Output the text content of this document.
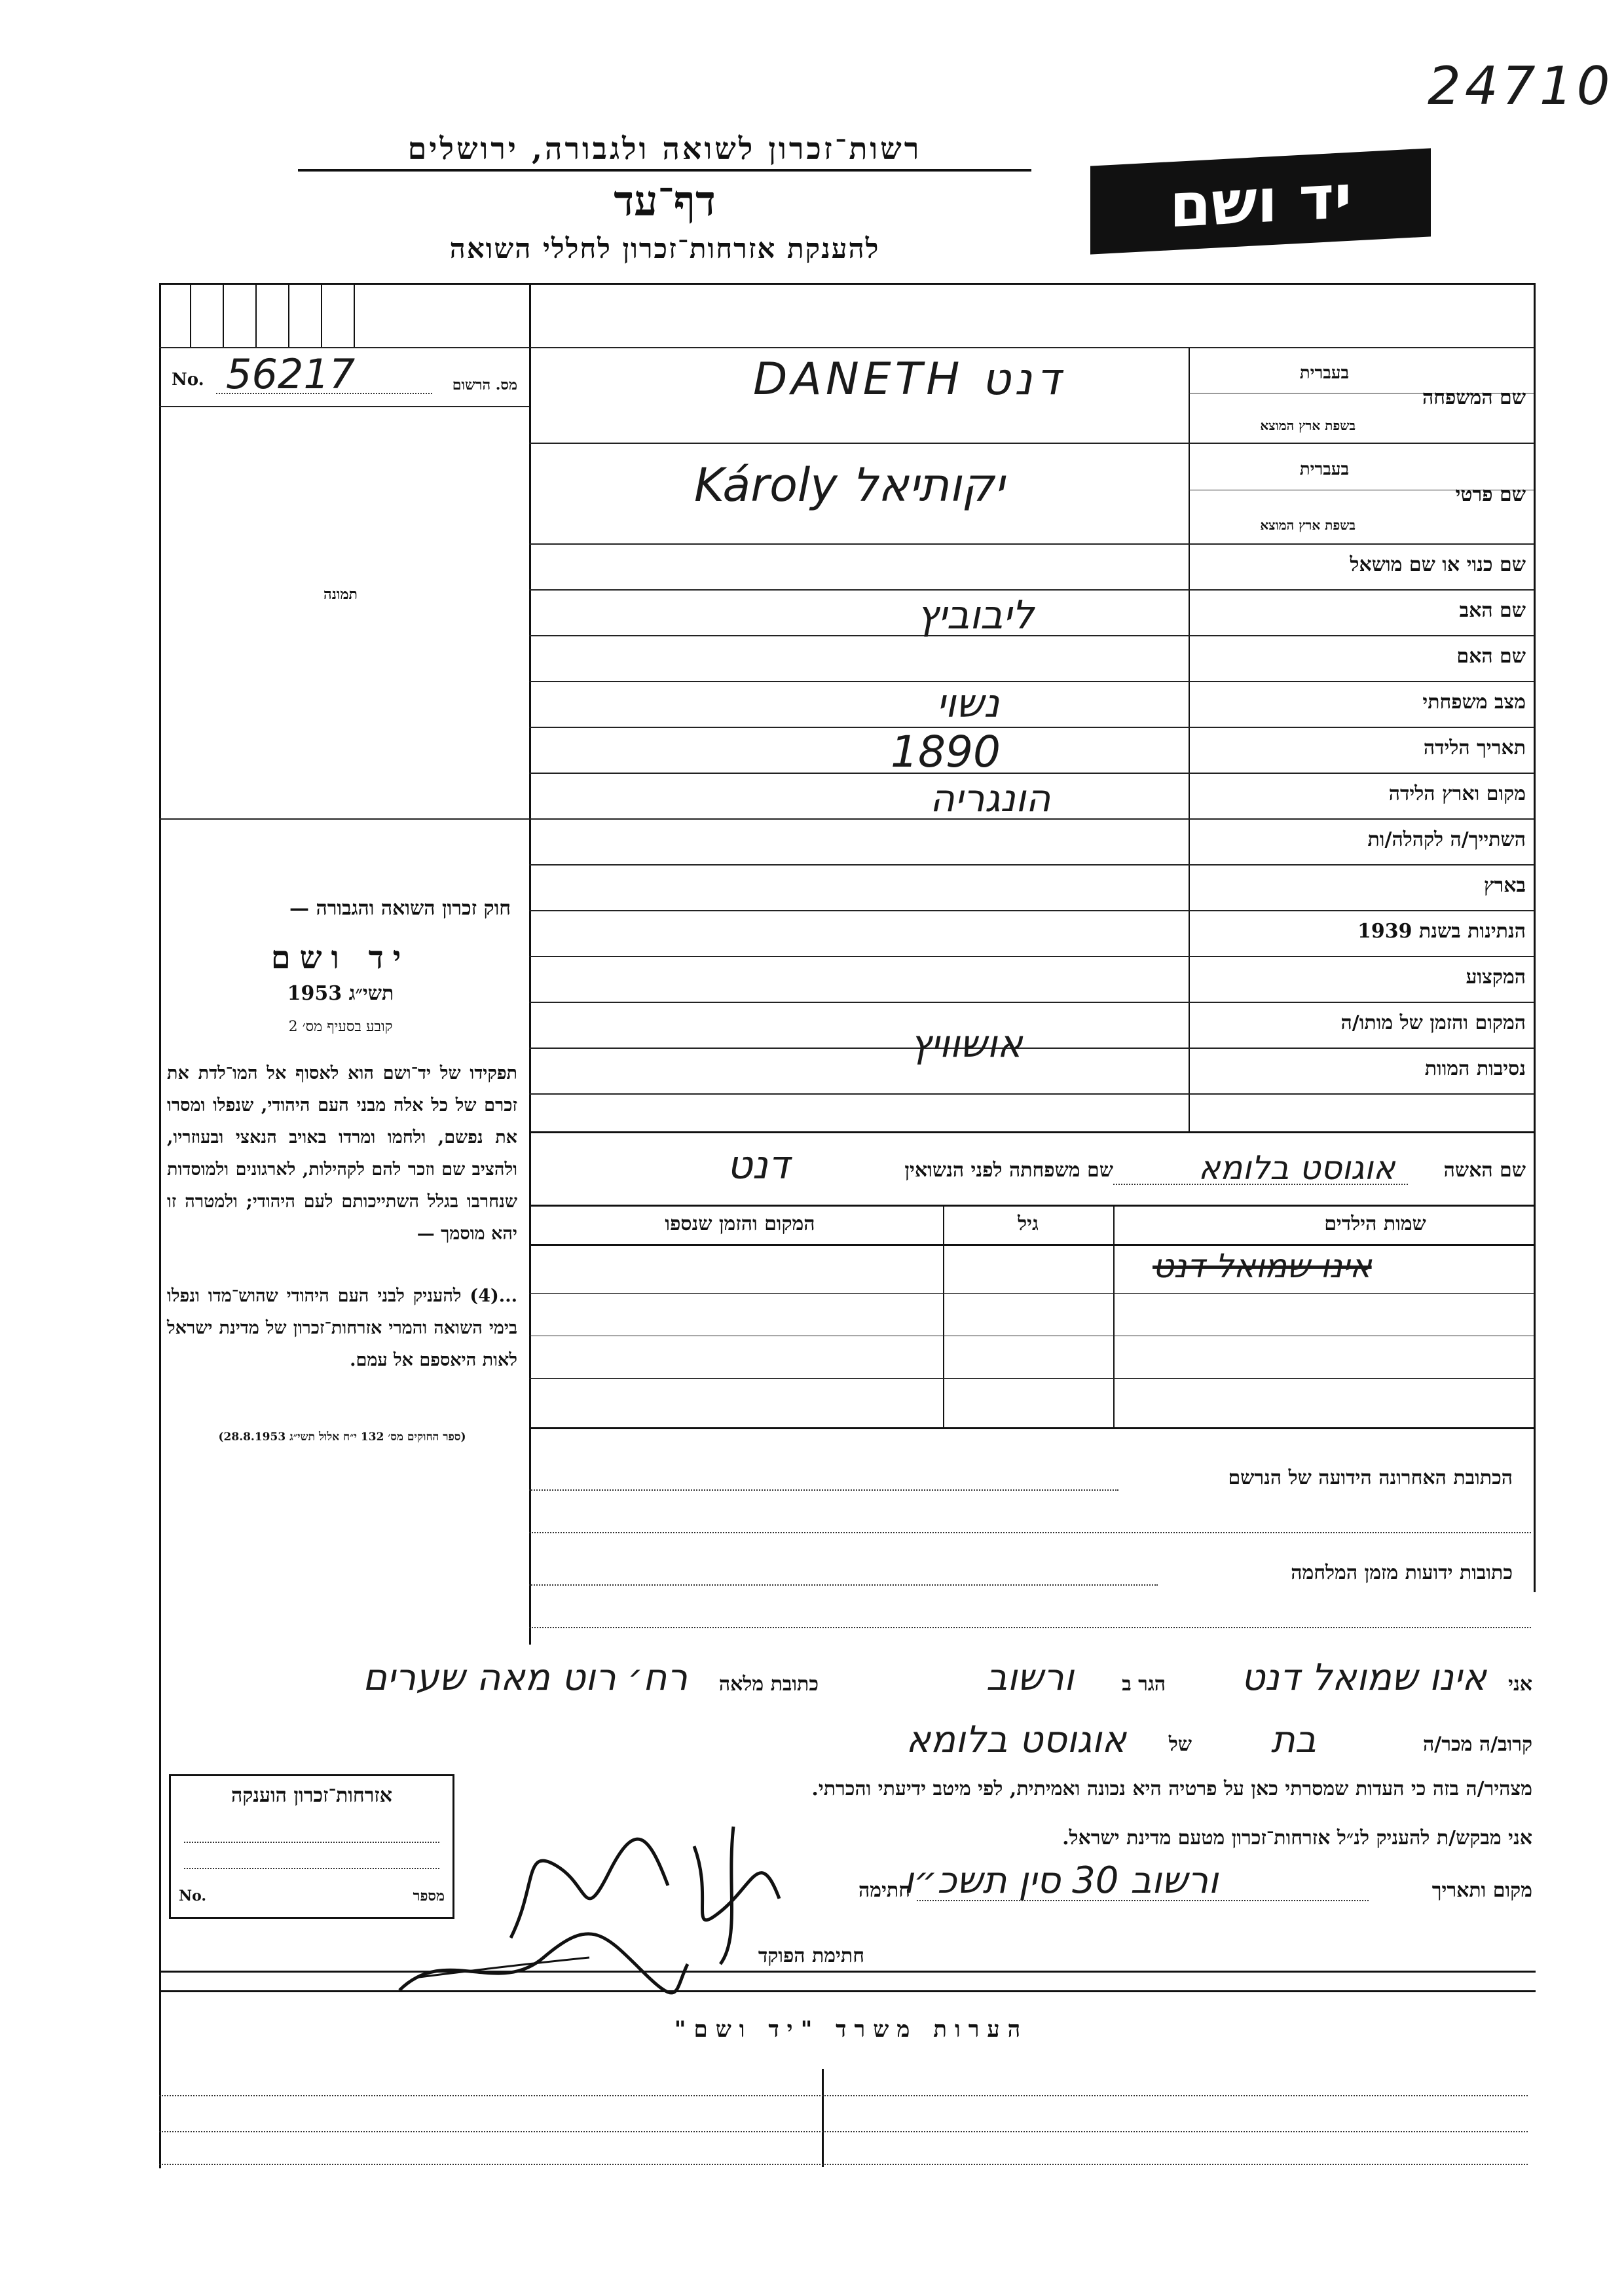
24710
רשות־זכרון לשואה ולגבורה, ירושלים
דף־עד
להענקת אזרחות־זכרון לחללי השואה
יד ושם
No. 56217	מס. הרשום
תמונה
חוק זכרון השואה והגבורה —
יד ושם
תשי״ג 1953
קובע בסעיף מס׳ 2
תפקידו של יד־ושם הוא לאסוף אל המו־לדת את זכרם של כל אלה מבני העם היהודי, שנפלו ומסרו את נפשם, ולחמו ומרדו באויב הנאצי ובעוזריו, ולהציב שם וזכר להם לקהילות, לארגונים ולמוסדות שנחרבו בגלל השתייכותם לעם היהודי; ולמטרה זו יהא מוסמך —
...(4) להעניק לבני העם היהודי שהוש־מדו ונפלו בימי השואה והמרי אזרחות־זכרון של מדינת ישראל לאות היאספם אל עמם.
(ספר החוקים מס׳ 132 י״ח אלול תשי״ג 28.8.1953)
בעברית
שם המשפחה
בשפת ארץ המוצא
DANETH דנט
בעברית
שם פרטי
בשפת ארץ המוצא
Károly יקותיאל
שם כנוי או שם מושאל
שם האב
ליבוביץ
שם האם
מצב משפחתי
נשוי
תאריך הלידה
1890
מקום וארץ הלידה
הונגריה
השתייך/ה לקהלה/ות
בארץ
הנתינות בשנת 1939
המקצוע
המקום והזמן של מותו/ה
אושוויץ
נסיבות המוות
שם האשה
אוגוסט בלומא
שם משפחתה לפני הנשואין
דנט
שמות הילדים
גיל
המקום והזמן שנספו
אינו שמואל דנט
הכתובת האחרונה הידועה של הנרשם
כתובות ידועות מזמן המלחמה
אני
אינו שמואל דנט
הגר ב
ורשוב
כתובת מלאה
רח׳ רוט מאה שערים
קרוב/ה מכר/ה
בת
של
אוגוסט בלומא
מצהיר/ה בזה כי העדות שמסרתי כאן על פרטיה היא נכונה ואמיתית, לפי מיטב ידיעתי והכרתי.
אני מבקש/ת להעניק לנ״ל אזרחות־זכרון מטעם מדינת ישראל.
מקום ותאריך
ורשוב 30 סין תשכ״ו
חתימה
חתימת הפוקד
אזרחות־זכרון הוענקה
No.	מספר
הערות משרד "יד ושם"
